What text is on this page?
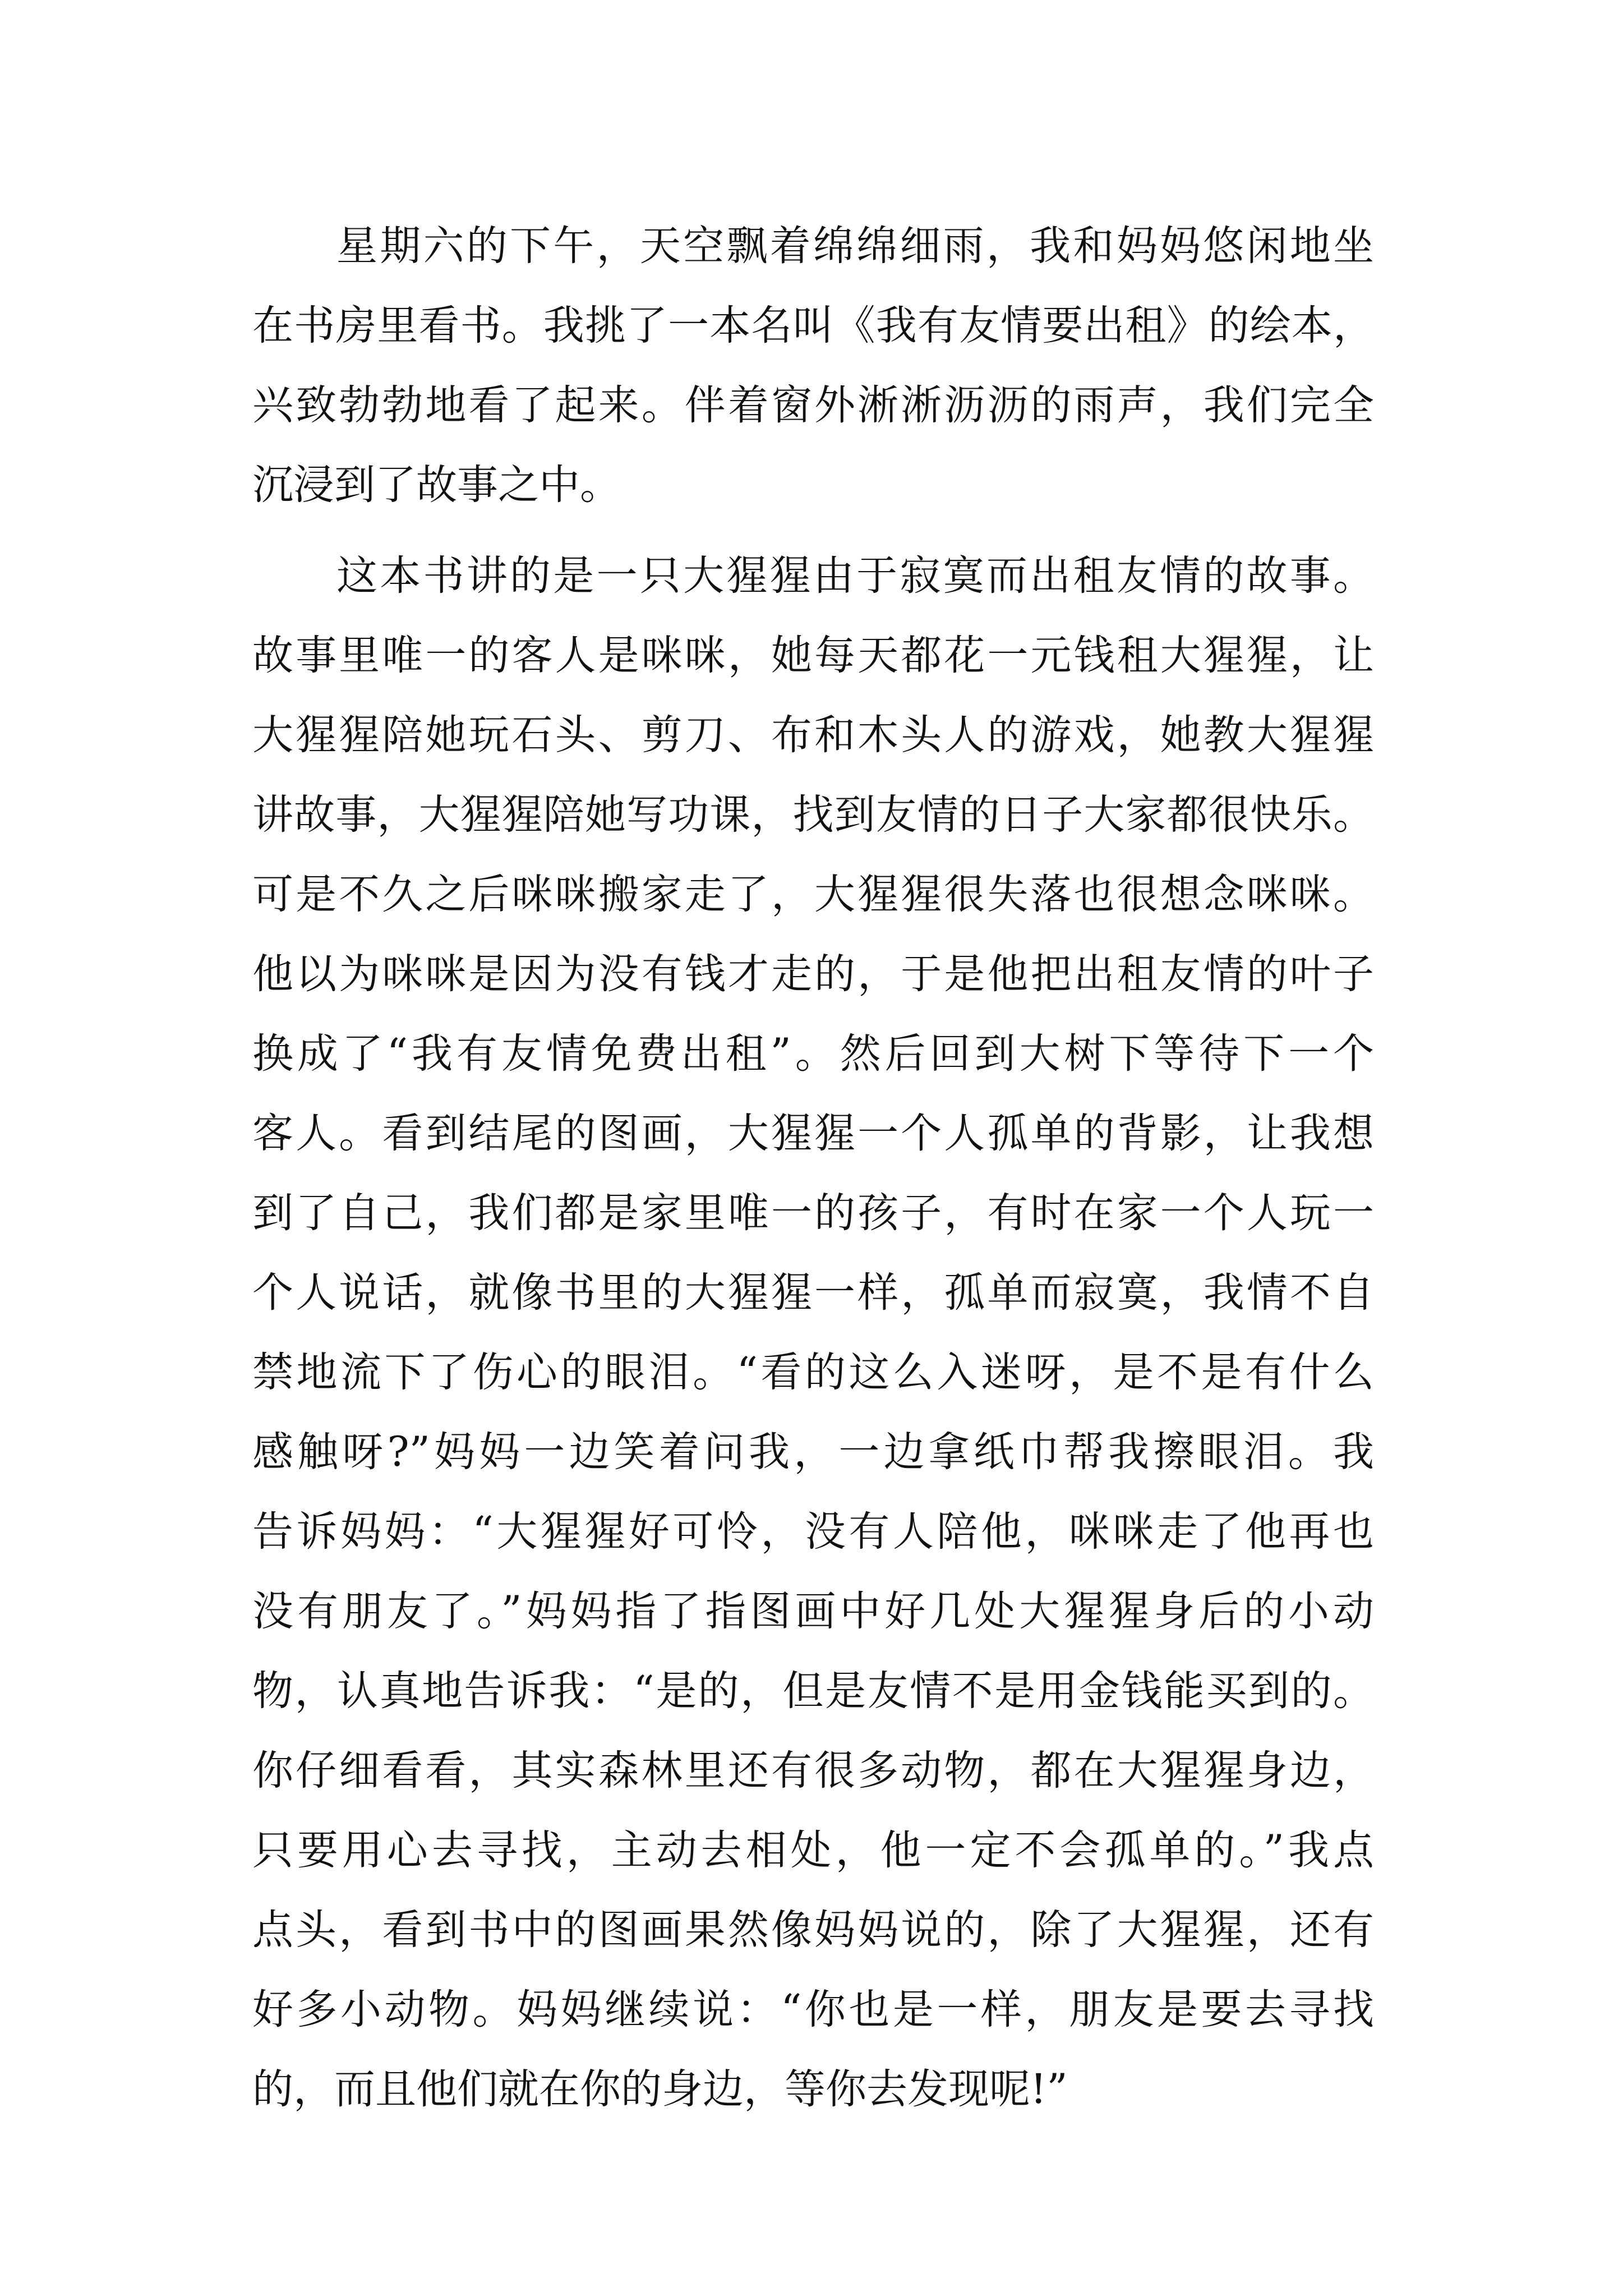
星期六的下午，天空飘着绵绵细雨，我和妈妈悠闲地坐
在书房里看书。我挑了一本名叫《我有友情要出租》的绘本，
兴致勃勃地看了起来。伴着窗外淅淅沥沥的雨声，我们完全
沉浸到了故事之中。
这本书讲的是一只大猩猩由于寂寞而出租友情的故事。
故事里唯一的客人是咪咪，她每天都花一元钱租大猩猩，让
大猩猩陪她玩石头、剪刀、布和木头人的游戏，她教大猩猩
讲故事，大猩猩陪她写功课，找到友情的日子大家都很快乐。
可是不久之后咪咪搬家走了，大猩猩很失落也很想念咪咪。
他以为咪咪是因为没有钱才走的，于是他把出租友情的叶子
换成了“我有友情免费出租”。然后回到大树下等待下一个
客人。看到结尾的图画，大猩猩一个人孤单的背影，让我想
到了自己，我们都是家里唯一的孩子，有时在家一个人玩一
个人说话，就像书里的大猩猩一样，孤单而寂寞，我情不自
禁地流下了伤心的眼泪。“看的这么入迷呀，是不是有什么
感触呀?”妈妈一边笑着问我，一边拿纸巾帮我擦眼泪。我
告诉妈妈：“大猩猩好可怜，没有人陪他，咪咪走了他再也
没有朋友了。”妈妈指了指图画中好几处大猩猩身后的小动
物，认真地告诉我：“是的，但是友情不是用金钱能买到的。
你仔细看看，其实森林里还有很多动物，都在大猩猩身边，
只要用心去寻找，主动去相处，他一定不会孤单的。”我点
点头，看到书中的图画果然像妈妈说的，除了大猩猩，还有
好多小动物。妈妈继续说：“你也是一样，朋友是要去寻找
的，而且他们就在你的身边，等你去发现呢!”
